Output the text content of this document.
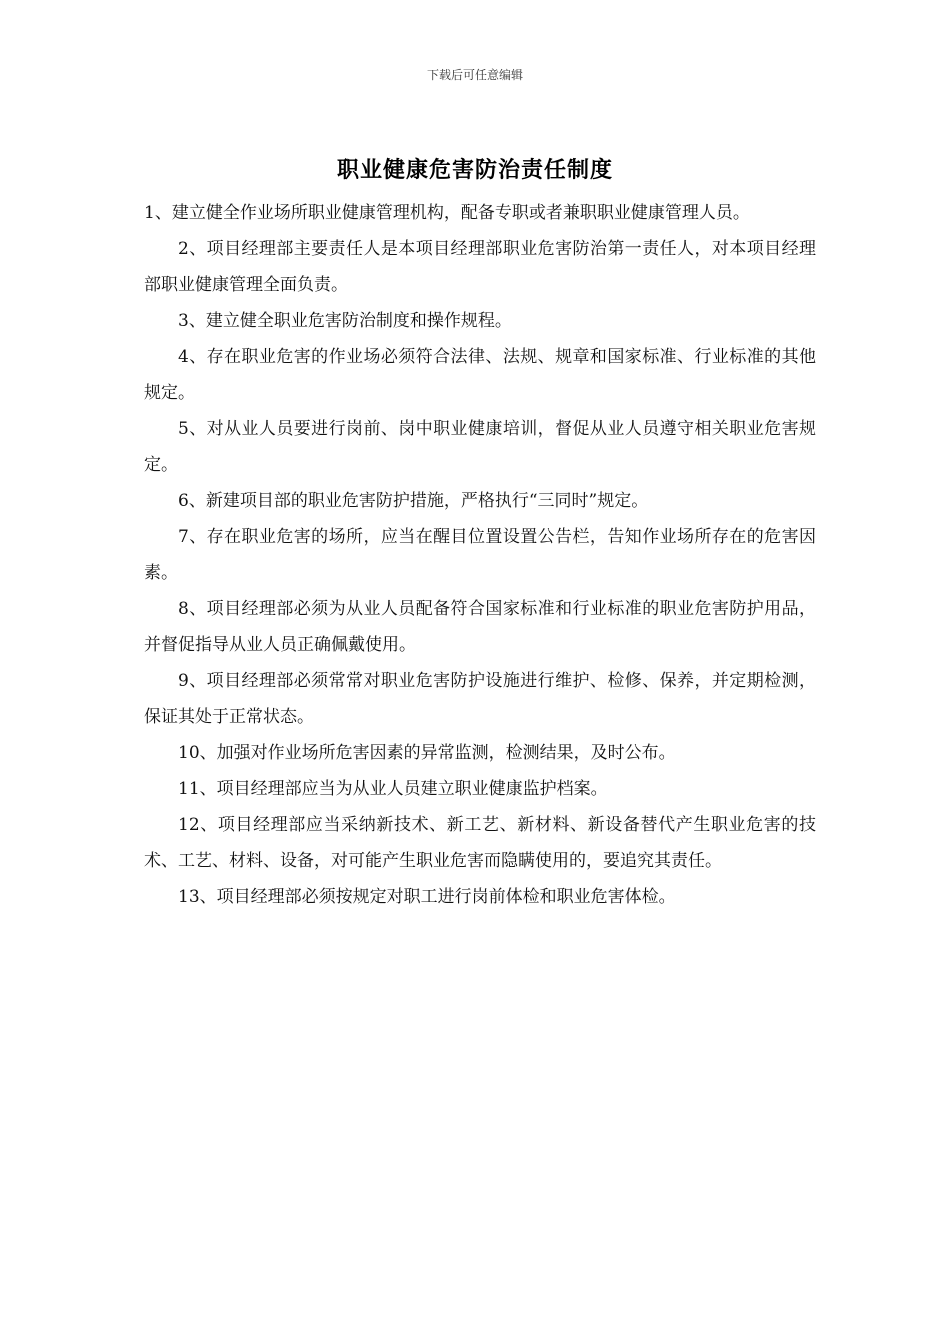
下载后可任意编辑
职业健康危害防治责任制度

1、建立健全作业场所职业健康管理机构，配备专职或者兼职职业健康管理人员。

2、项目经理部主要责任人是本项目经理部职业危害防治第一责任人，对本项目经理部职业健康管理全面负责。

3、建立健全职业危害防治制度和操作规程。

4、存在职业危害的作业场必须符合法律、法规、规章和国家标准、行业标准的其他规定。

5、对从业人员要进行岗前、岗中职业健康培训，督促从业人员遵守相关职业危害规定。

6、新建项目部的职业危害防护措施，严格执行“三同时”规定。

7、存在职业危害的场所，应当在醒目位置设置公告栏，告知作业场所存在的危害因素。

8、项目经理部必须为从业人员配备符合国家标准和行业标准的职业危害防护用品，并督促指导从业人员正确佩戴使用。

9、项目经理部必须常常对职业危害防护设施进行维护、检修、保养，并定期检测，保证其处于正常状态。

10、加强对作业场所危害因素的异常监测，检测结果，及时公布。

11、项目经理部应当为从业人员建立职业健康监护档案。

12、项目经理部应当采纳新技术、新工艺、新材料、新设备替代产生职业危害的技术、工艺、材料、设备，对可能产生职业危害而隐瞒使用的，要追究其责任。

13、项目经理部必须按规定对职工进行岗前体检和职业危害体检。
